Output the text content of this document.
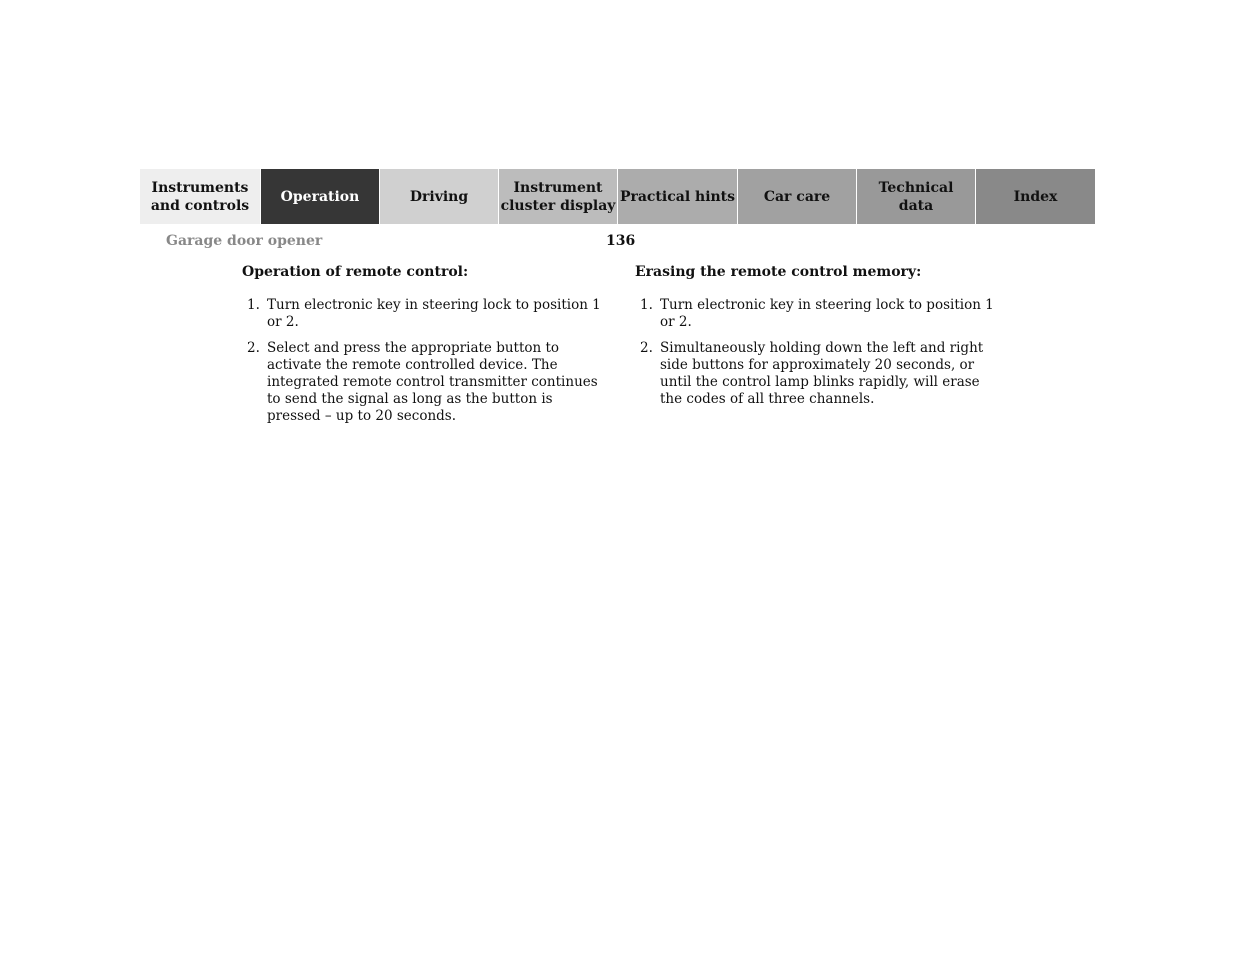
Instruments
and controls
Operation	Driving
Instrument
cluster display
Practical hints	Car care
Technical
data
Index
Garage door opener	136
Operation of remote control:
1. Turn electronic key in steering lock to position 1 or 2.
2. Select and press the appropriate button to activate the remote controlled device. The integrated remote control transmitter continues to send the signal as long as the button is pressed – up to 20 seconds.
Erasing the remote control memory:
1. Turn electronic key in steering lock to position 1 or 2.
2. Simultaneously holding down the left and right side buttons for approximately 20 seconds, or until the control lamp blinks rapidly, will erase the codes of all three channels.
